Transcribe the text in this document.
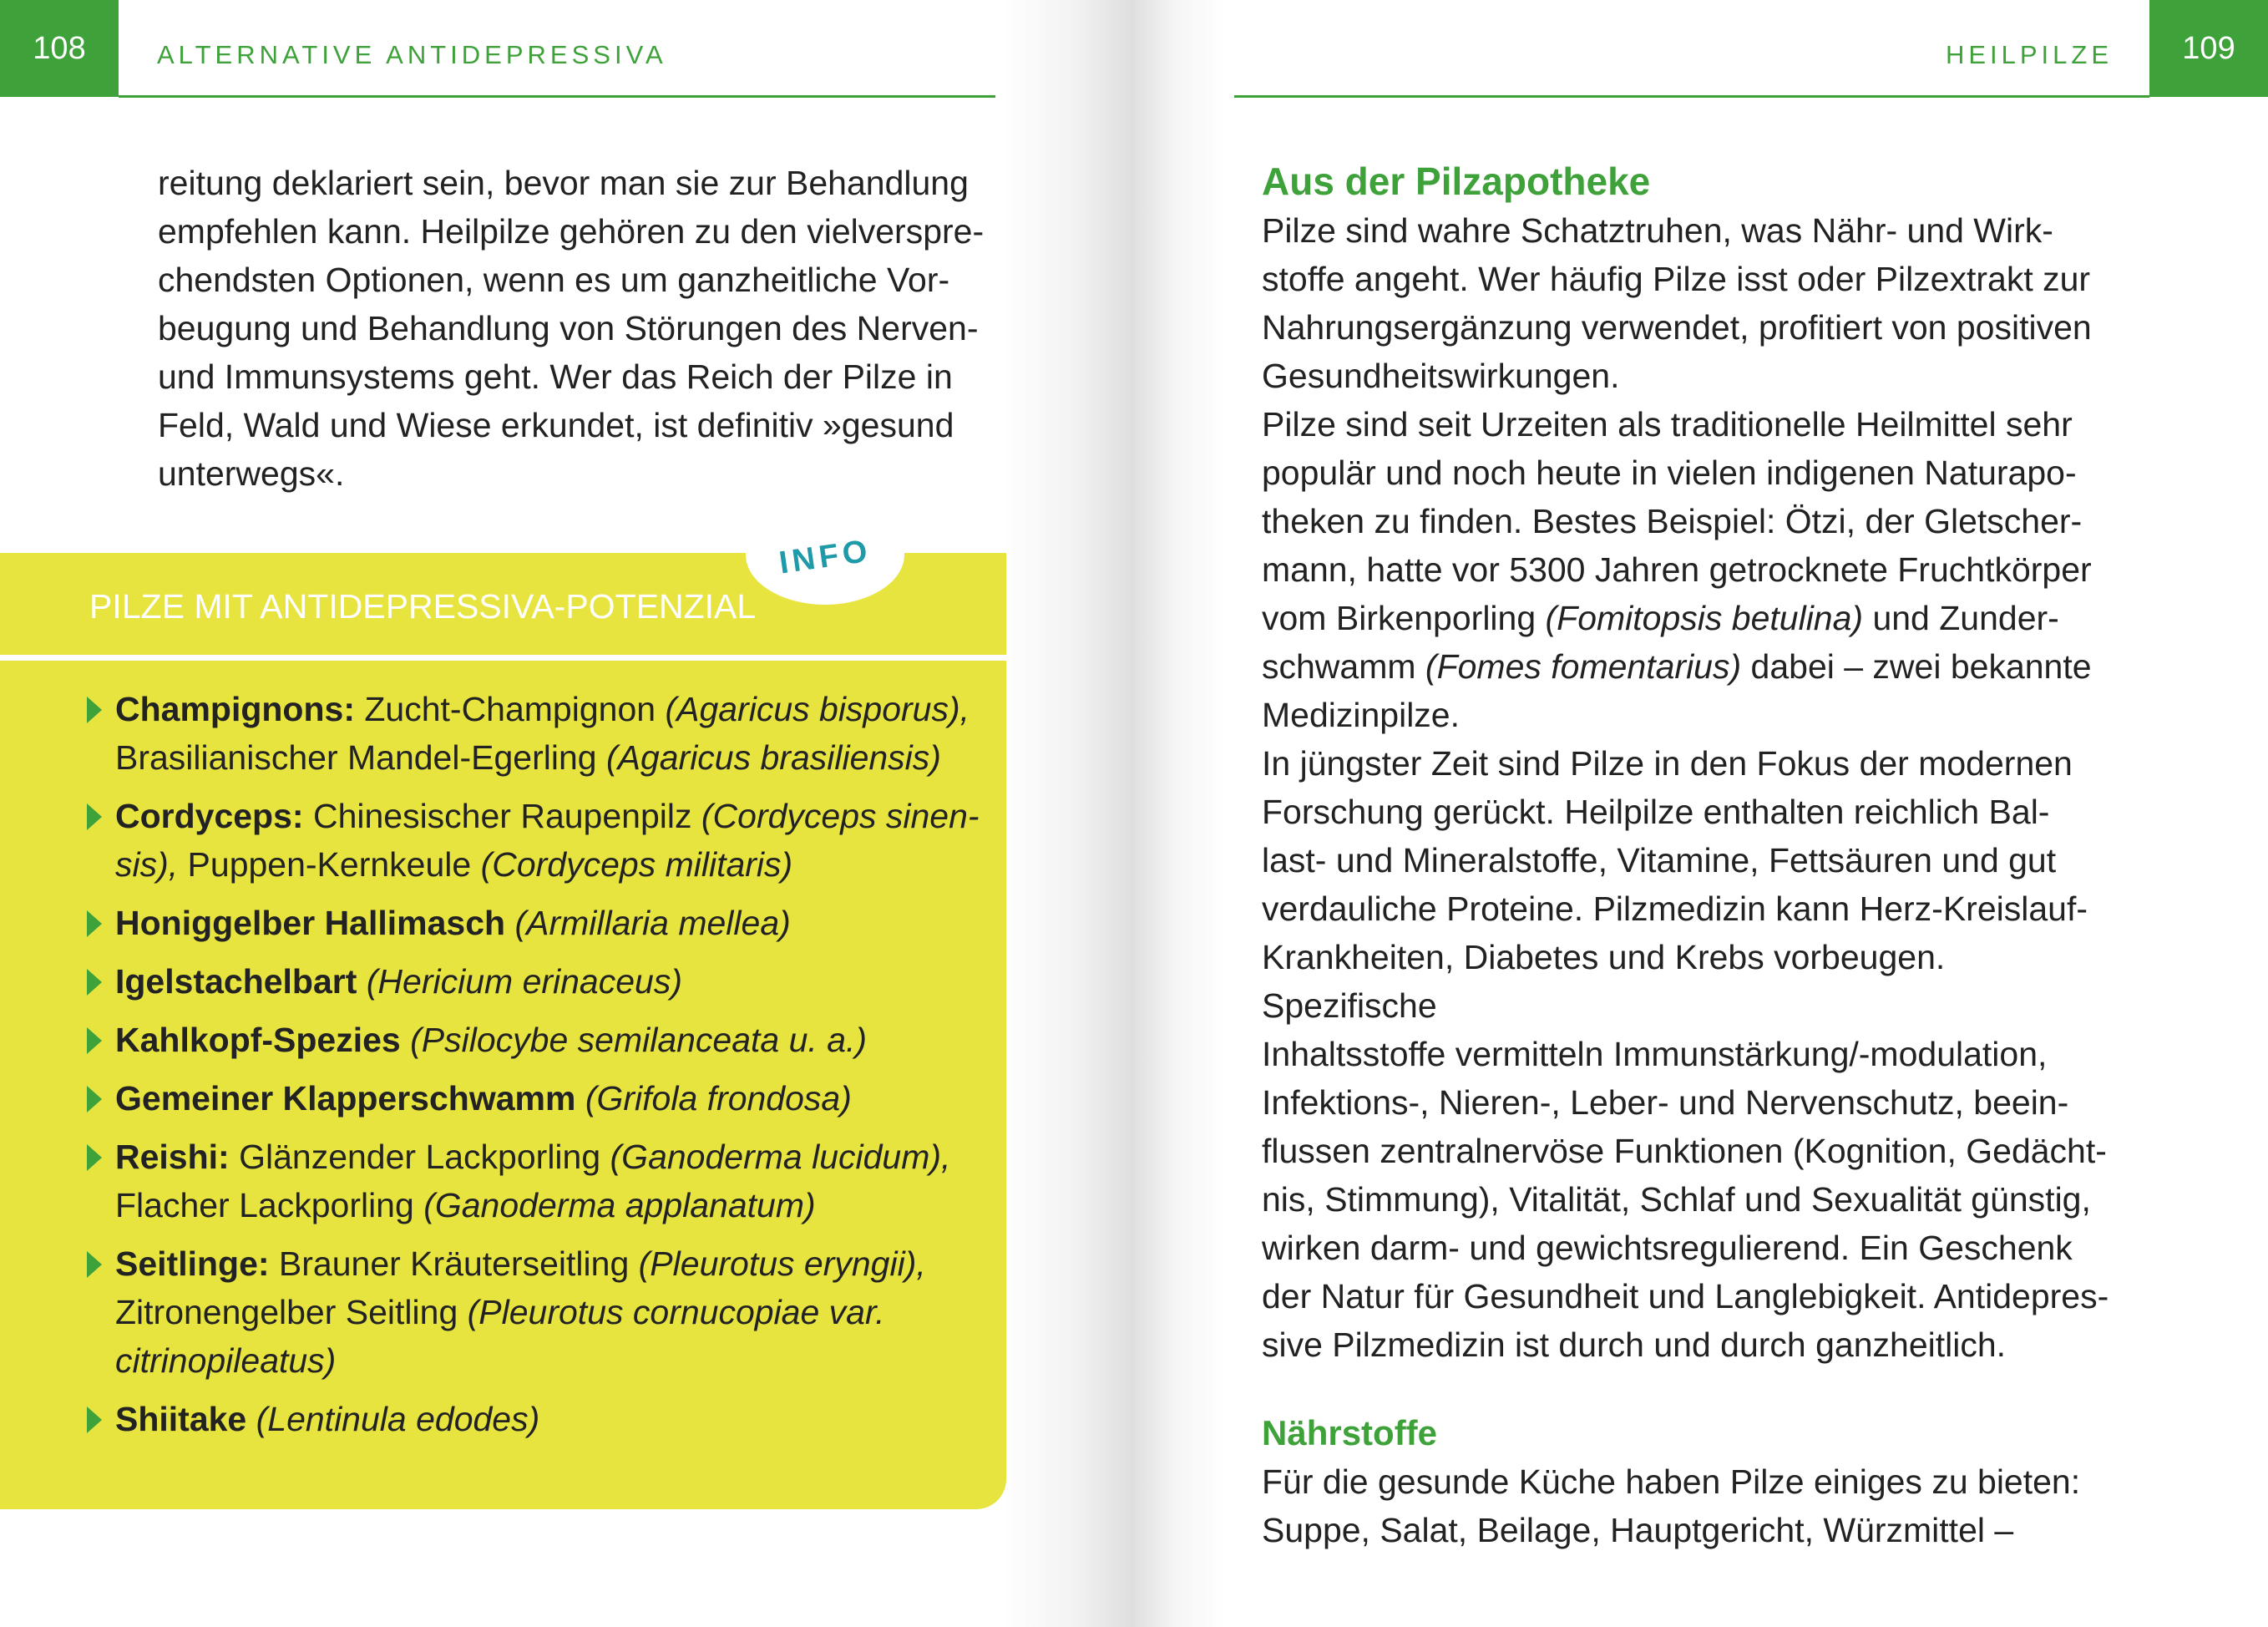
108	ALTERNATIVE ANTIDEPRESSIVA

reitung deklariert sein, bevor man sie zur Behandlung

empfehlen kann. Heilpilze gehören zu den vielverspre-

chendsten Optionen, wenn es um ganzheitliche Vor-

beugung und Behandlung von Störungen des Nerven-

und Immunsystems geht. Wer das Reich der Pilze in

Feld, Wald und Wiese erkundet, ist definitiv »gesund

unterwegs«.

PILZE MIT ANTIDEPRESSIVA-POTENZIAL
INFO
Champignons: Zucht-Champignon (Agaricus bisporus),
Brasilianischer Mandel-Egerling (Agaricus brasiliensis)
Cordyceps: Chinesischer Raupenpilz (Cordyceps sinen-
sis), Puppen-Kernkeule (Cordyceps militaris)
Honiggelber Hallimasch (Armillaria mellea)
Igelstachelbart (Hericium erinaceus)
Kahlkopf-Spezies (Psilocybe semilanceata u. a.)
Gemeiner Klapperschwamm (Grifola frondosa)
Reishi: Glänzender Lackporling (Ganoderma lucidum),
Flacher Lackporling (Ganoderma applanatum)
Seitlinge: Brauner Kräuterseitling (Pleurotus eryngii),
Zitronengelber Seitling (Pleurotus cornucopiae var.
citrinopileatus)
Shiitake (Lentinula edodes)
109
HEILPILZE
Aus der Pilzapotheke

Pilze sind wahre Schatztruhen, was Nähr- und Wirk-

stoffe angeht. Wer häufig Pilze isst oder Pilzextrakt zur

Nahrungsergänzung verwendet, profitiert von positiven

Gesundheitswirkungen.

Pilze sind seit Urzeiten als traditionelle Heilmittel sehr

populär und noch heute in vielen indigenen Naturapo-

theken zu finden. Bestes Beispiel: Ötzi, der Gletscher-

mann, hatte vor 5300 Jahren getrocknete Fruchtkörper

vom Birkenporling (Fomitopsis betulina) und Zunder-

schwamm (Fomes fomentarius) dabei – zwei bekannte

Medizinpilze.

In jüngster Zeit sind Pilze in den Fokus der modernen

Forschung gerückt. Heilpilze enthalten reichlich Bal-

last- und Mineralstoffe, Vitamine, Fettsäuren und gut

verdauliche Proteine. Pilzmedizin kann Herz-Kreislauf-

Krankheiten, Diabetes und Krebs vorbeugen. Spezifische

Inhaltsstoffe vermitteln Immunstärkung/-modulation,

Infektions-, Nieren-, Leber- und Nervenschutz, beein-

flussen zentralnervöse Funktionen (Kognition, Gedächt-

nis, Stimmung), Vitalität, Schlaf und Sexualität günstig,

wirken darm- und gewichtsregulierend. Ein Geschenk

der Natur für Gesundheit und Langlebigkeit. Antidepres-

sive Pilzmedizin ist durch und durch ganzheitlich.

Nährstoffe

Für die gesunde Küche haben Pilze einiges zu bieten:

Suppe, Salat, Beilage, Hauptgericht, Würzmittel –
